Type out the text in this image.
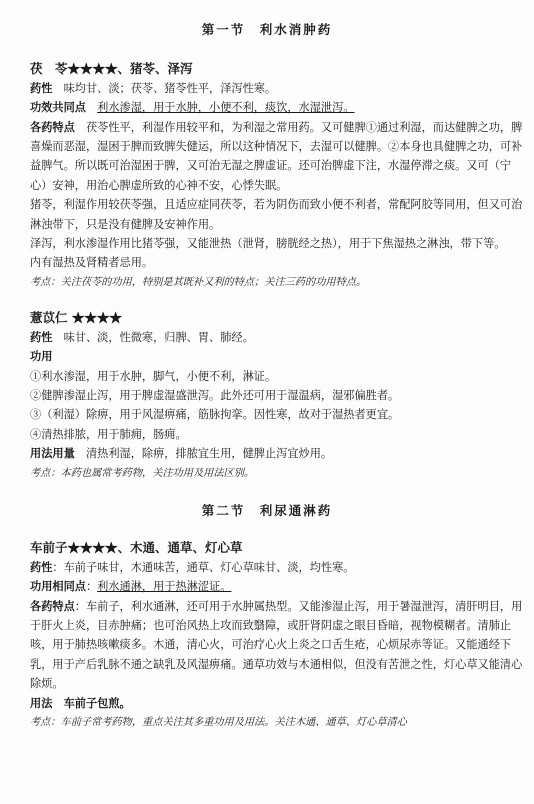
第一节　利水消肿药

茯　苓★★★★、猪苓、泽泻

药性　 味均甘、淡；茯苓、猪苓性平，泽泻性寒。

功效共同点　 利水渗湿，用于水肿，小便不利，痰饮，水湿泄泻。

各药特点　 茯苓性平，利湿作用较平和，为利湿之常用药。又可健脾①通过利湿，而达健脾之功，脾喜燥而恶湿，湿困于脾而致脾失健运，所以这种情况下，去湿可以健脾。②本身也具健脾之功，可补益脾气。所以既可治湿困于脾，又可治无湿之脾虚证。还可治脾虚下注，水湿停滞之痰。又可（宁心）安神，用治心脾虚所致的心神不安，心悸失眠。

猪苓，利湿作用较茯苓强，且适应症同茯苓，若为阴伤而致小便不利者，常配阿胶等同用，但又可治淋浊带下，只是没有健脾及安神作用。

泽泻，利水渗湿作用比猪苓强，又能泄热（泄肾，膀胱经之热），用于下焦湿热之淋浊，带下等。

内有湿热及肾精者忌用。

考点：关注茯苓的功用，特别是其既补又利的特点；关注三药的功用特点。

薏苡仁 ★★★★

药性　 味甘、淡，性微寒，归脾、胃、肺经。

功用

①利水渗湿，用于水肿，脚气，小便不利，淋证。

②健脾渗湿止泻，用于脾虚湿盛泄泻。此外还可用于湿温病，湿邪偏胜者。

③（利湿）除痹，用于风湿痹痛，筋脉拘挛。因性寒，故对于湿热者更宜。

④清热排脓，用于肺痈，肠痈。

用法用量　 清热利湿，除痹，排脓宜生用，健脾止泻宜炒用。

考点：本药也属常考药物，关注功用及用法区别。

第二节　利尿通淋药

车前子★★★★、木通、通草、灯心草

药性：车前子味甘，木通味苦，通草、灯心草味甘、淡，均性寒。

功用相同点：利水通淋，用于热淋涩证。

各药特点：车前子，利水通淋，还可用于水肿属热型。又能渗湿止泻，用于暑湿泄泻，清肝明目，用于肝火上炎，目赤肿痛；也可治风热上攻而致翳障，或肝肾阴虚之眼目昏暗，视物模糊者。清肺止咳，用于肺热咳嗽痰多。木通，清心火，可治疗心火上炎之口舌生疮，心烦尿赤等证。又能通经下乳，用于产后乳脉不通之缺乳及风湿痹痛。通草功效与木通相似，但没有苦泄之性，灯心草又能清心除烦。

用法　 车前子包煎。

考点：车前子常考药物，重点关注其多重功用及用法。关注木通、通草、灯心草清心
